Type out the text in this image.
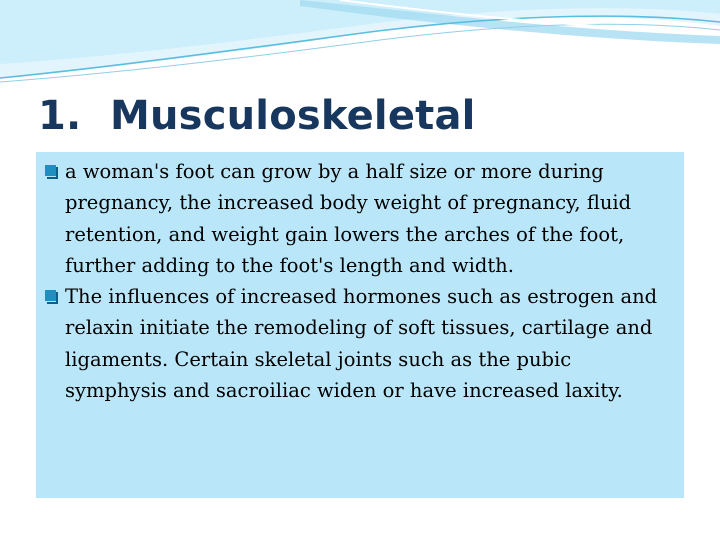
1. Musculoskeletal

a woman's foot can grow by a half size or more during pregnancy, the increased body weight of pregnancy, fluid retention, and weight gain lowers the arches of the foot, further adding to the foot's length and width.

The influences of increased hormones such as estrogen and relaxin initiate the remodeling of soft tissues, cartilage and ligaments. Certain skeletal joints such as the pubic symphysis and sacroiliac widen or have increased laxity.
